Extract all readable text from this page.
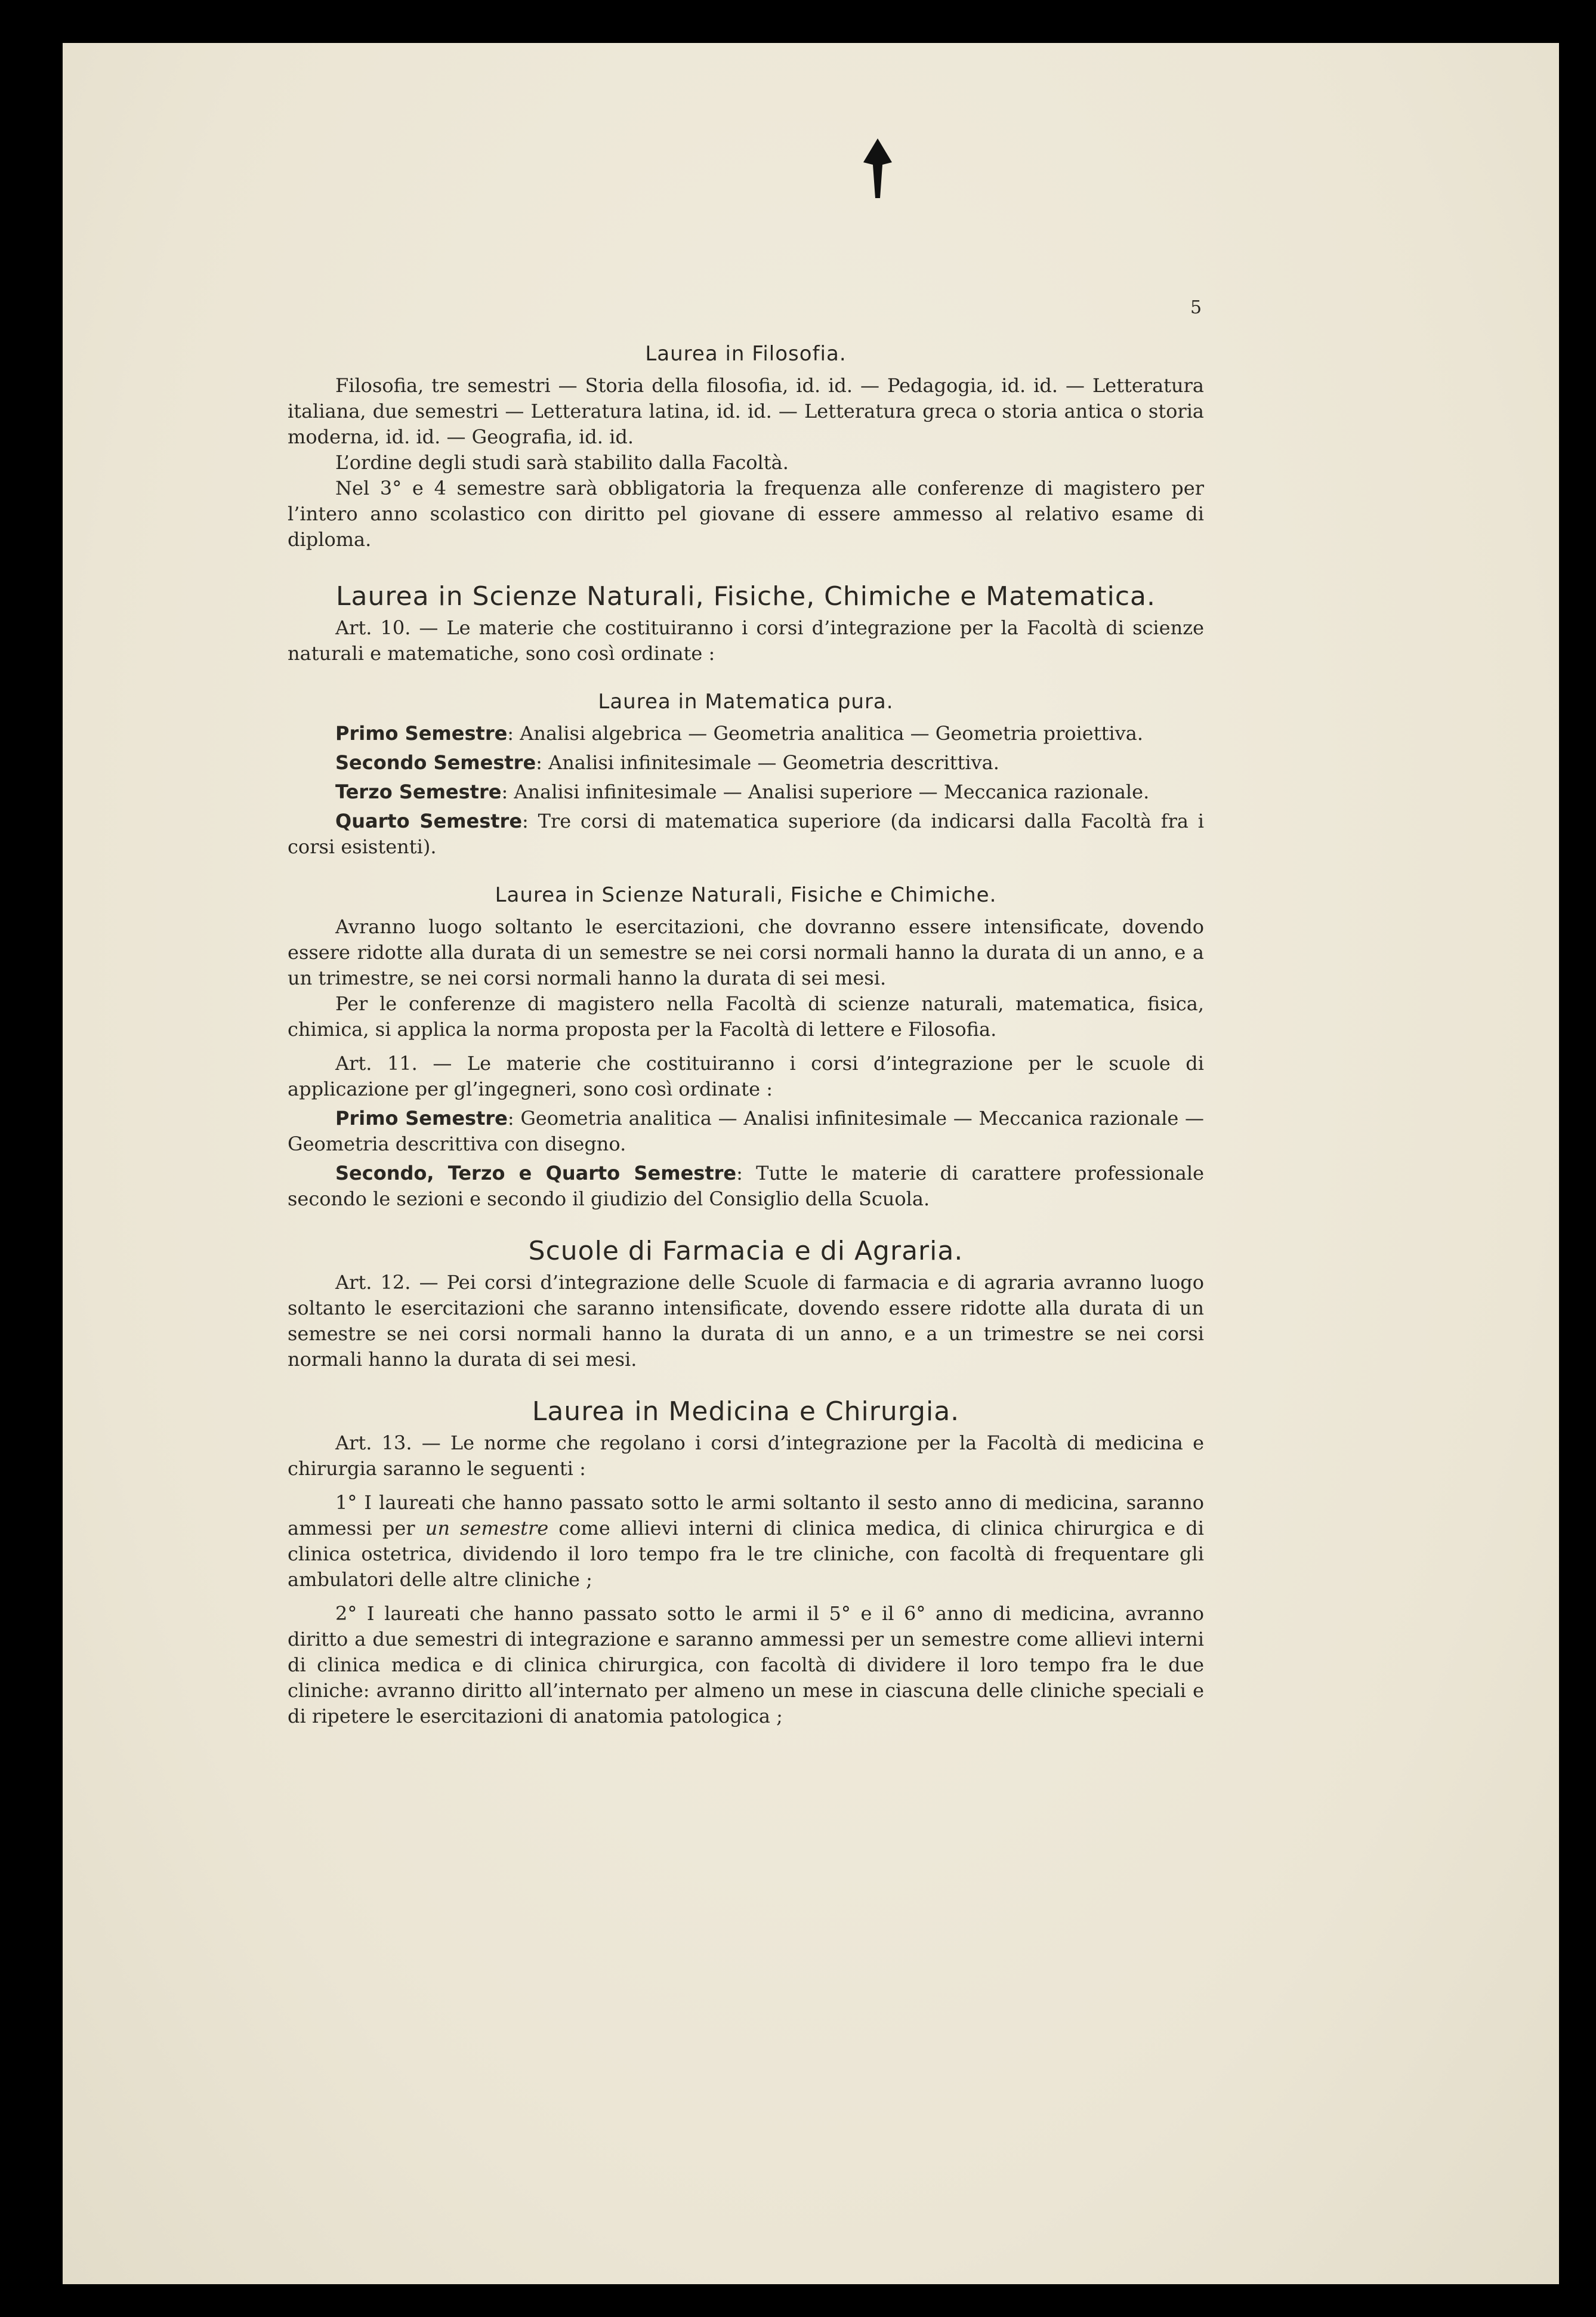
5
Laurea in Filosofia.

Filosofia, tre semestri — Storia della filosofia, id. id. — Pedagogia, id. id. — Letteratura italiana, due semestri — Letteratura latina, id. id. — Letteratura greca o storia antica o storia moderna, id. id. — Geografia, id. id.

L’ordine degli studi sarà stabilito dalla Facoltà.

Nel 3° e 4 semestre sarà obbligatoria la frequenza alle conferenze di magistero per l’intero anno scolastico con diritto pel giovane di essere ammesso al relativo esame di diploma.

Laurea in Scienze Naturali, Fisiche, Chimiche e Matematica.

Art. 10. — Le materie che costituiranno i corsi d’integrazione per la Facoltà di scienze naturali e matematiche, sono così ordinate :

Laurea in Matematica pura.

Primo Semestre: Analisi algebrica — Geometria analitica — Geometria proiettiva.

Secondo Semestre: Analisi infinitesimale — Geometria descrittiva.

Terzo Semestre: Analisi infinitesimale — Analisi superiore — Meccanica razionale.

Quarto Semestre: Tre corsi di matematica superiore (da indicarsi dalla Facoltà fra i corsi esistenti).

Laurea in Scienze Naturali, Fisiche e Chimiche.

Avranno luogo soltanto le esercitazioni, che dovranno essere intensificate, dovendo essere ridotte alla durata di un semestre se nei corsi normali hanno la durata di un anno, e a un trimestre, se nei corsi normali hanno la durata di sei mesi.

Per le conferenze di magistero nella Facoltà di scienze naturali, matematica, fisica, chimica, si applica la norma proposta per la Facoltà di lettere e Filosofia.

Art. 11. — Le materie che costituiranno i corsi d’integrazione per le scuole di applicazione per gl’ingegneri, sono così ordinate :

Primo Semestre: Geometria analitica — Analisi infinitesimale — Meccanica razionale — Geometria descrittiva con disegno.

Secondo, Terzo e Quarto Semestre: Tutte le materie di carattere professionale secondo le sezioni e secondo il giudizio del Consiglio della Scuola.

Scuole di Farmacia e di Agraria.

Art. 12. — Pei corsi d’integrazione delle Scuole di farmacia e di agraria avranno luogo soltanto le esercitazioni che saranno intensificate, dovendo essere ridotte alla durata di un semestre se nei corsi normali hanno la durata di un anno, e a un trimestre se nei corsi normali hanno la durata di sei mesi.

Laurea in Medicina e Chirurgia.

Art. 13. — Le norme che regolano i corsi d’integrazione per la Facoltà di medicina e chirurgia saranno le seguenti :

1° I laureati che hanno passato sotto le armi soltanto il sesto anno di medicina, saranno ammessi per un semestre come allievi interni di clinica medica, di clinica chirurgica e di clinica ostetrica, dividendo il loro tempo fra le tre cliniche, con facoltà di frequentare gli ambulatori delle altre cliniche ;

2° I laureati che hanno passato sotto le armi il 5° e il 6° anno di medicina, avranno diritto a due semestri di integrazione e saranno ammessi per un semestre come allievi interni di clinica medica e di clinica chirurgica, con facoltà di dividere il loro tempo fra le due cliniche: avranno diritto all’internato per almeno un mese in ciascuna delle cliniche speciali e di ripetere le esercitazioni di anatomia patologica ;
